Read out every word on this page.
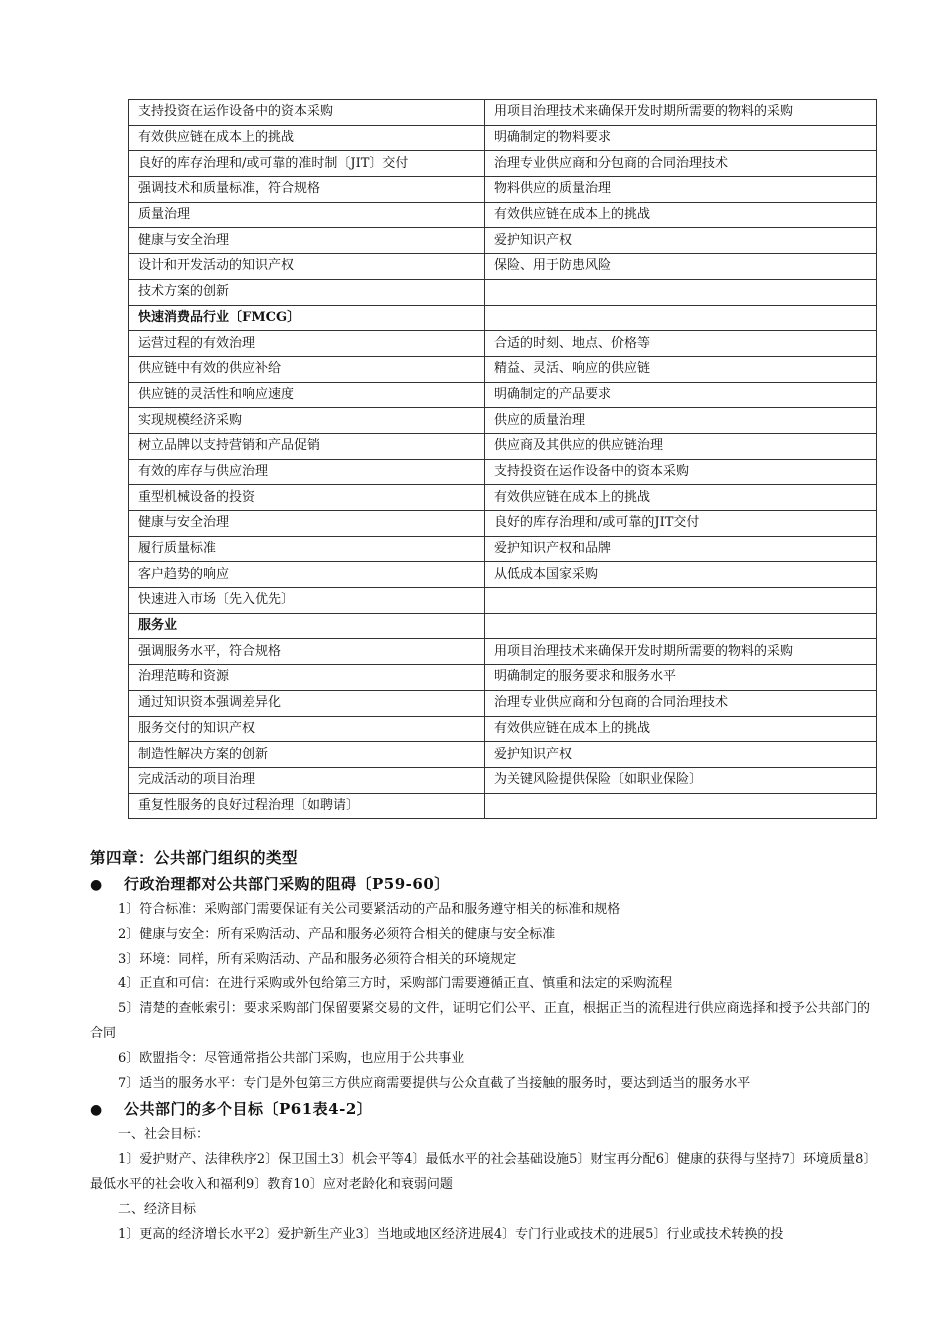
支持投资在运作设备中的资本采购	用项目治理技术来确保开发时期所需要的物料的采购
有效供应链在成本上的挑战	明确制定的物料要求
良好的库存治理和/或可靠的准时制〔JIT〕交付	治理专业供应商和分包商的合同治理技术
强调技术和质量标准，符合规格	物料供应的质量治理
质量治理	有效供应链在成本上的挑战
健康与安全治理	爱护知识产权
设计和开发活动的知识产权	保险、用于防患风险
技术方案的创新	
快速消费品行业〔FMCG〕	
运营过程的有效治理	合适的时刻、地点、价格等
供应链中有效的供应补给	精益、灵活、响应的供应链
供应链的灵活性和响应速度	明确制定的产品要求
实现规模经济采购	供应的质量治理
树立品牌以支持营销和产品促销	供应商及其供应的供应链治理
有效的库存与供应治理	支持投资在运作设备中的资本采购
重型机械设备的投资	有效供应链在成本上的挑战
健康与安全治理	良好的库存治理和/或可靠的JIT交付
履行质量标准	爱护知识产权和品牌
客户趋势的响应	从低成本国家采购
快速进入市场〔先入优先〕	
服务业	
强调服务水平，符合规格	用项目治理技术来确保开发时期所需要的物料的采购
治理范畴和资源	明确制定的服务要求和服务水平
通过知识资本强调差异化	治理专业供应商和分包商的合同治理技术
服务交付的知识产权	有效供应链在成本上的挑战
制造性解决方案的创新	爱护知识产权
完成活动的项目治理	为关键风险提供保险〔如职业保险〕
重复性服务的良好过程治理〔如聘请〕	
第四章：公共部门组织的类型
● 行政治理都对公共部门采购的阻碍〔P59-60〕

1〕符合标准：采购部门需要保证有关公司要紧活动的产品和服务遵守相关的标准和规格

2〕健康与安全：所有采购活动、产品和服务必须符合相关的健康与安全标准

3〕环境：同样，所有采购活动、产品和服务必须符合相关的环境规定

4〕正直和可信：在进行采购或外包给第三方时，采购部门需要遵循正直、慎重和法定的采购流程

5〕清楚的查帐索引：要求采购部门保留要紧交易的文件，证明它们公平、正直，根据正当的流程进行供应商选择和授予公共部门的合同

6〕欧盟指令：尽管通常指公共部门采购，也应用于公共事业

7〕适当的服务水平：专门是外包第三方供应商需要提供与公众直截了当接触的服务时，要达到适当的服务水平

● 公共部门的多个目标〔P61表4-2〕

一、社会目标：

1〕爱护财产、法律秩序2〕保卫国土3〕机会平等4〕最低水平的社会基础设施5〕财宝再分配6〕健康的获得与坚持7〕环境质量8〕最低水平的社会收入和福利9〕教育10〕应对老龄化和衰弱问题

二、经济目标

1〕更高的经济增长水平2〕爱护新生产业3〕当地或地区经济进展4〕专门行业或技术的进展5〕行业或技术转换的投
